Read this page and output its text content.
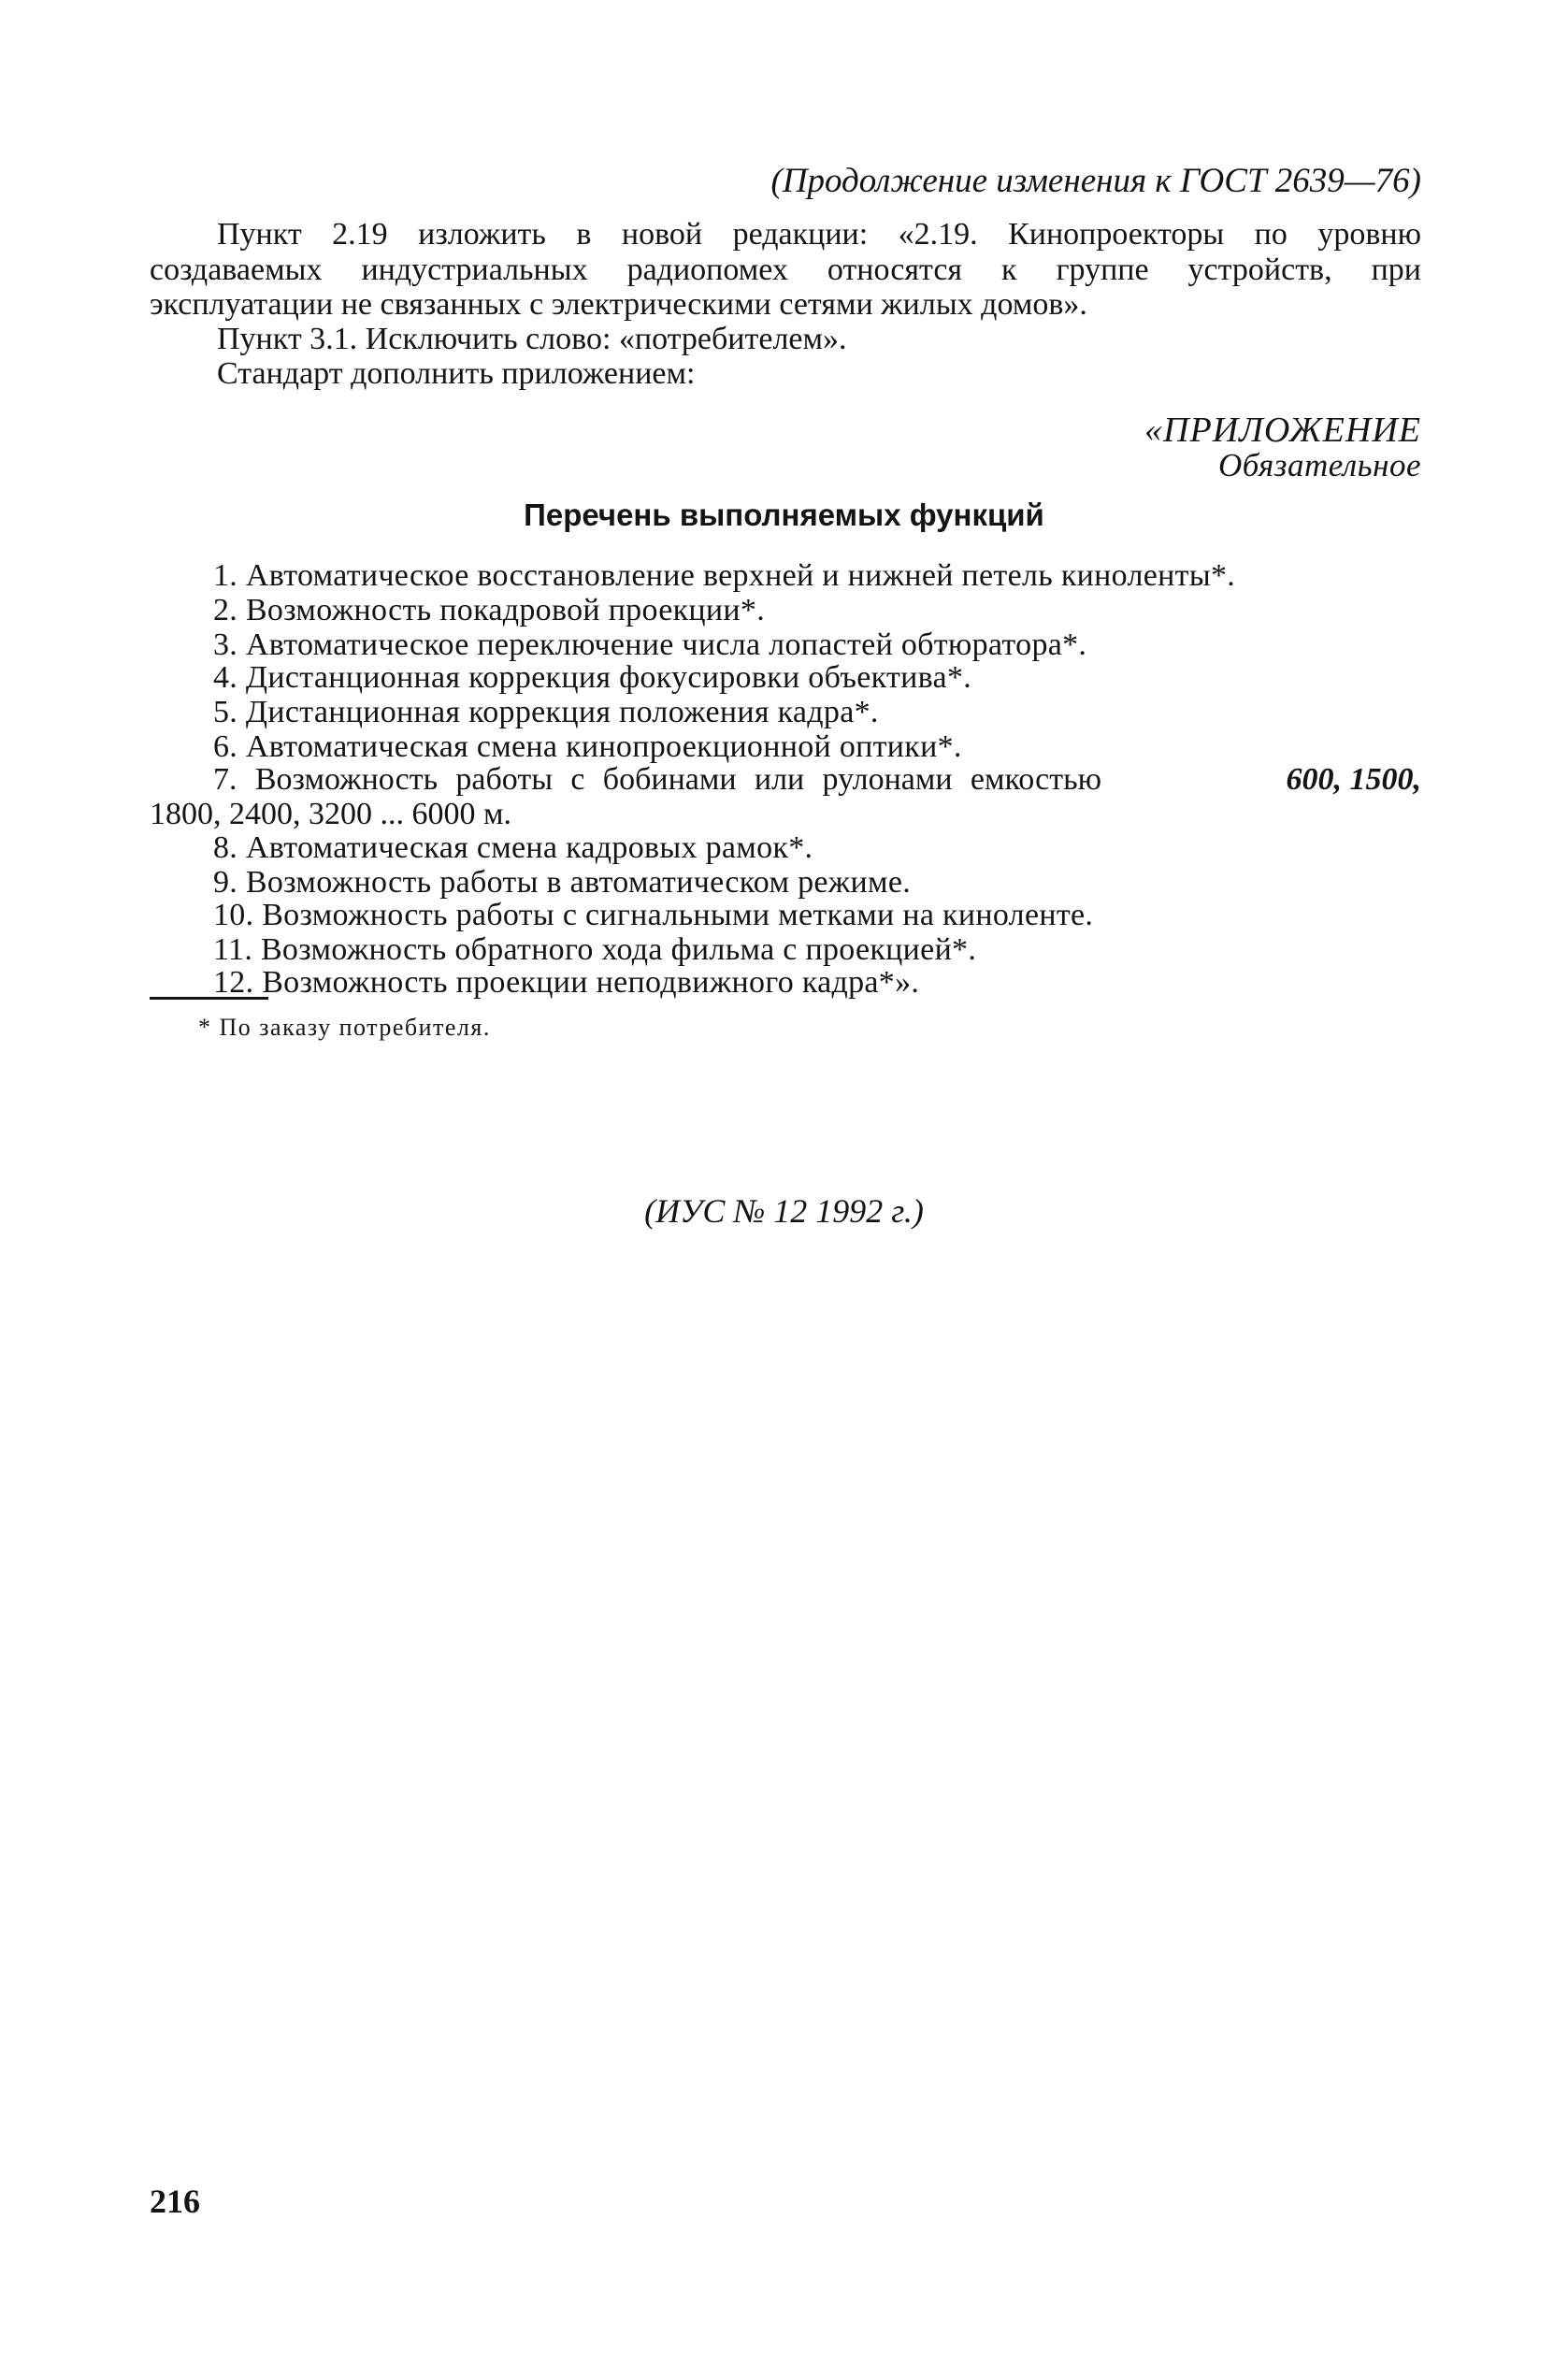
(Продолжение изменения к ГОСТ 2639—76)
Пункт 2.19 изложить в новой редакции: «2.19. Кинопроекторы по уровню
создаваемых индустриальных радиопомех относятся к группе устройств, при
эксплуатации не связанных с электрическими сетями жилых домов».
Пункт 3.1. Исключить слово: «потребителем».
Стандарт дополнить приложением:
«ПРИЛОЖЕНИЕ
Обязательное
Перечень выполняемых функций
1. Автоматическое восстановление верхней и нижней петель киноленты*.
2. Возможность покадровой проекции*.
3. Автоматическое переключение числа лопастей обтюратора*.
4. Дистанционная коррекция фокусировки объектива*.
5. Дистанционная коррекция положения кадра*.
6. Автоматическая смена кинопроекционной оптики*.
7. Возможность работы с бобинами или рулонами емкостью	600, 1500,
1800, 2400, 3200 ... 6000 м.
8. Автоматическая смена кадровых рамок*.
9. Возможность работы в автоматическом режиме.
10. Возможность работы с сигнальными метками на киноленте.
11. Возможность обратного хода фильма с проекцией*.
12. Возможность проекции неподвижного кадра*».
* По заказу потребителя.
(ИУС № 12 1992 г.)
216
